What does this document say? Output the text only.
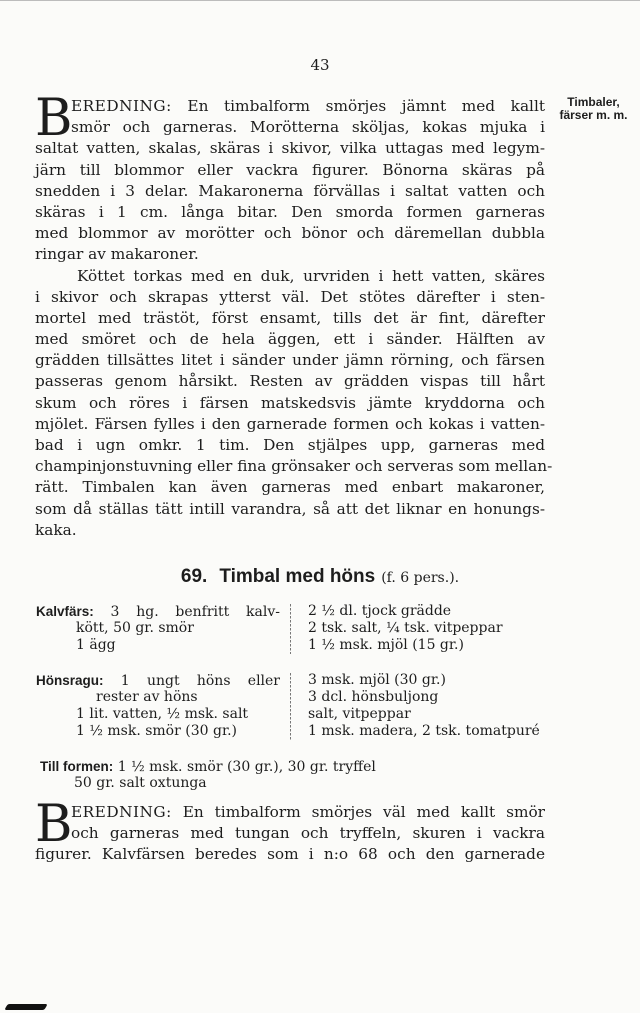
43
Timbaler,
färser m. m.
B
EREDNING: En timbalform smörjes jämnt med kallt
smör och garneras. Morötterna sköljas, kokas mjuka i
saltat vatten, skalas, skäras i skivor, vilka uttagas med legym-
järn till blommor eller vackra figurer. Bönorna skäras på
snedden i 3 delar. Makaronerna förvällas i saltat vatten och
skäras i 1 cm. långa bitar. Den smorda formen garneras
med blommor av morötter och bönor och däremellan dubbla
ringar av makaroner.
Köttet torkas med en duk, urvriden i hett vatten, skäres
i skivor och skrapas ytterst väl. Det stötes därefter i sten-
mortel med trästöt, först ensamt, tills det är fint, därefter
med smöret och de hela äggen, ett i sänder. Hälften av
grädden tillsättes litet i sänder under jämn rörning, och färsen
passeras genom hårsikt. Resten av grädden vispas till hårt
skum och röres i färsen matskedsvis jämte kryddorna och
mjölet. Färsen fylles i den garnerade formen och kokas i vatten-
bad i ugn omkr. 1 tim. Den stjälpes upp, garneras med
champinjonstuvning eller fina grönsaker och serveras som mellan-
rätt. Timbalen kan även garneras med enbart makaroner,
som då ställas tätt intill varandra, så att det liknar en honungs-
kaka.
69. Timbal med höns (f. 6 pers.).
Kalvfärs: 3 hg. benfritt kalv-
kött, 50 gr. smör
1 ägg
2 ½ dl. tjock grädde
2 tsk. salt, ¼ tsk. vitpeppar
1 ½ msk. mjöl (15 gr.)
Hönsragu: 1 ungt höns eller
rester av höns
1 lit. vatten, ½ msk. salt
1 ½ msk. smör (30 gr.)
3 msk. mjöl (30 gr.)
3 dcl. hönsbuljong
salt, vitpeppar
1 msk. madera, 2 tsk. tomatpuré
Till formen: 1 ½ msk. smör (30 gr.), 30 gr. tryffel
50 gr. salt oxtunga
B
EREDNING: En timbalform smörjes väl med kallt smör
och garneras med tungan och tryffeln, skuren i vackra
figurer. Kalvfärsen beredes som i n:o 68 och den garnerade
